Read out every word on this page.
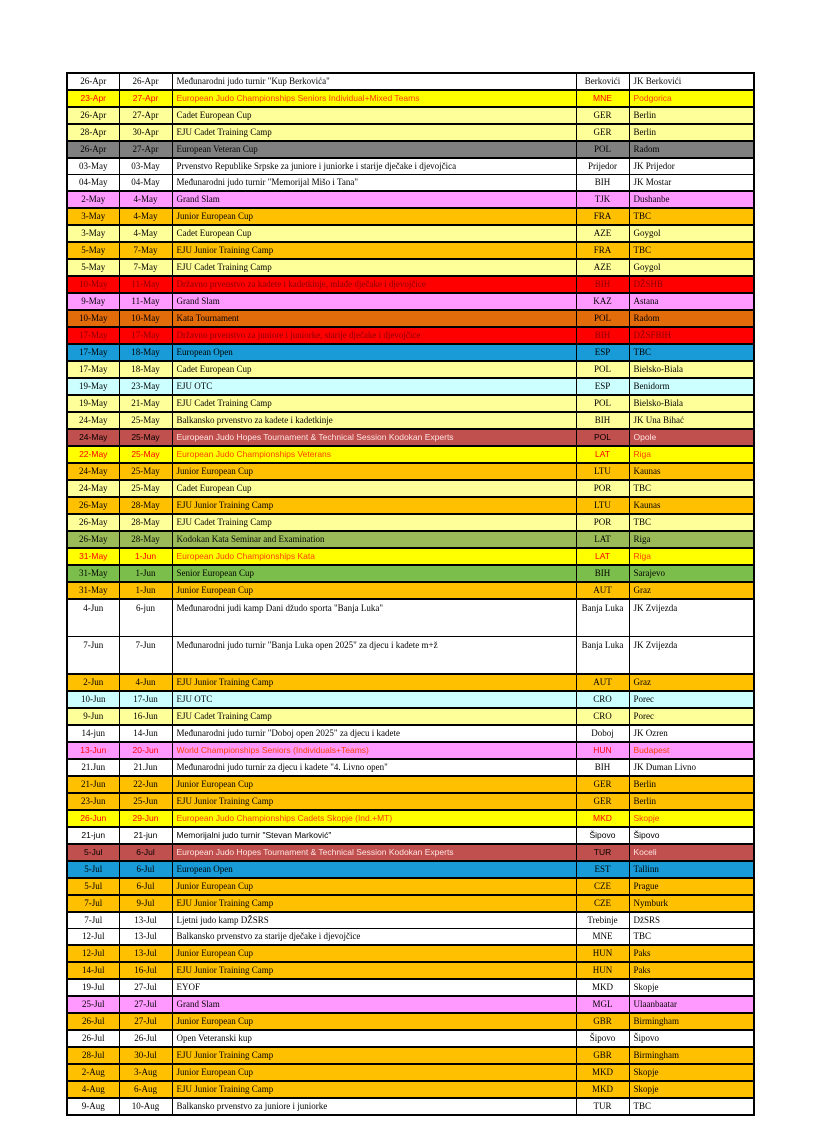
26-Apr	26-Apr	Međunarodni judo turnir "Kup Berkovića"	Berkovići	JK Berkovići
23-Apr	27-Apr	European Judo Championships Seniors Individual+Mixed Teams	MNE	Podgorica
26-Apr	27-Apr	Cadet European Cup	GER	Berlin
28-Apr	30-Apr	EJU Cadet Training Camp	GER	Berlin
26-Apr	27-Apr	European Veteran Cup	POL	Radom
03-May	03-May	Prvenstvo Republike Srpske za juniore i juniorke i starije dječake i djevojčica	Prijedor	JK Prijedor
04-May	04-May	Međunarodni judo turnir "Memorijal Mišo i Tana"	BIH	JK Mostar
2-May	4-May	Grand Slam	TJK	Dushanbe
3-May	4-May	Junior European Cup	FRA	TBC
3-May	4-May	Cadet European Cup	AZE	Goygol
5-May	7-May	EJU Junior Training Camp	FRA	TBC
5-May	7-May	EJU Cadet Training Camp	AZE	Goygol
10-May	11-May	Državno prvenstvo za kadete i kadetkinje, mlađe dječake i djevojčice	BIH	DŽSHB
9-May	11-May	Grand Slam	KAZ	Astana
10-May	10-May	Kata Tournament	POL	Radom
17-May	17-May	Državno prvenstvo za juniore i juniorke, starije dječake i djevojčice	BIH	DŽSFBIH
17-May	18-May	European Open	ESP	TBC
17-May	18-May	Cadet European Cup	POL	Bielsko-Biala
19-May	23-May	EJU OTC	ESP	Benidorm
19-May	21-May	EJU Cadet Training Camp	POL	Bielsko-Biala
24-May	25-May	Balkansko prvenstvo za kadete i kadetkinje	BIH	JK Una Bihać
24-May	25-May	European Judo Hopes Tournament & Technical Session Kodokan Experts	POL	Opole
22-May	25-May	European Judo Championships Veterans	LAT	Riga
24-May	25-May	Junior European Cup	LTU	Kaunas
24-May	25-May	Cadet European Cup	POR	TBC
26-May	28-May	EJU Junior Training Camp	LTU	Kaunas
26-May	28-May	EJU Cadet Training Camp	POR	TBC
26-May	28-May	Kodokan Kata Seminar and Examination	LAT	Riga
31-May	1-Jun	European Judo Championships Kata	LAT	Riga
31-May	1-Jun	Senior European Cup	BIH	Sarajevo
31-May	1-Jun	Junior European Cup	AUT	Graz
4-Jun	6-jun	Međunarodni judi kamp Dani džudo sporta "Banja Luka"	Banja Luka	JK Zvijezda
7-Jun	7-Jun	Međunarodni judo turnir "Banja Luka open 2025" za djecu i kadete m+ž	Banja Luka	JK Zvijezda
2-Jun	4-Jun	EJU Junior Training Camp	AUT	Graz
10-Jun	17-Jun	EJU OTC	CRO	Porec
9-Jun	16-Jun	EJU Cadet Training Camp	CRO	Porec
14-jun	14-Jun	Međunarodni judo turnir "Doboj open 2025" za djecu i kadete	Doboj	JK Ozren
13-Jun	20-Jun	World Championships Seniors (Individuals+Teams)	HUN	Budapest
21.Jun	21.Jun	Međunarodni judo turnir za djecu i kadete "4. Livno open"	BIH	JK Duman Livno
21-Jun	22-Jun	Junior European Cup	GER	Berlin
23-Jun	25-Jun	EJU Junior Training Camp	GER	Berlin
26-Jun	29-Jun	European Judo Championships Cadets Skopje (Ind.+MT)	MKD	Skopje
21-jun	21-jun	Memorijalni judo turnir "Stevan Marković"	Šipovo	Šipovo
5-Jul	6-Jul	European Judo Hopes Tournament & Technical Session Kodokan Experts	TUR	Koceli
5-Jul	6-Jul	European Open	EST	Tallinn
5-Jul	6-Jul	Junior European Cup	CZE	Prague
7-Jul	9-Jul	EJU Junior Training Camp	CZE	Nymburk
7-Jul	13-Jul	Ljetni judo kamp DŽSRS	Trebinje	DžSRS
12-Jul	13-Jul	Balkansko prvenstvo za starije dječake i djevojčice	MNE	TBC
12-Jul	13-Jul	Junior European Cup	HUN	Paks
14-Jul	16-Jul	EJU Junior Training Camp	HUN	Paks
19-Jul	27-Jul	EYOF	MKD	Skopje
25-Jul	27-Jul	Grand Slam	MGL	Ulaanbaatar
26-Jul	27-Jul	Junior European Cup	GBR	Birmingham
26-Jul	26-Jul	Open Veteranski kup	Šipovo	Šipovo
28-Jul	30-Jul	EJU Junior Training Camp	GBR	Birmingham
2-Aug	3-Aug	Junior European Cup	MKD	Skopje
4-Aug	6-Aug	EJU Junior Training Camp	MKD	Skopje
9-Aug	10-Aug	Balkansko prvenstvo za juniore i juniorke	TUR	TBC
